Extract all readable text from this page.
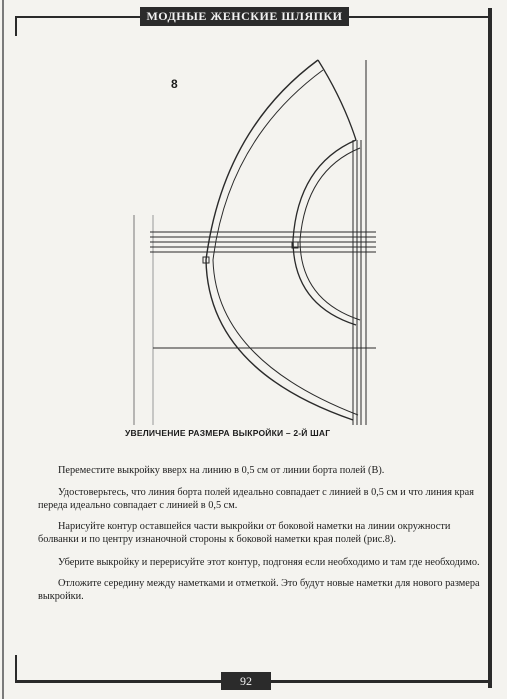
МОДНЫЕ ЖЕНСКИЕ ШЛЯПКИ
8
УВЕЛИЧЕНИЕ РАЗМЕРА ВЫКРОЙКИ – 2-Й ШАГ
Переместите выкройку вверх на линию в 0,5 см от линии борта полей (В).
Удостоверьтесь, что линия борта полей идеально совпадает с линией в 0,5 см и что линия края переда идеально совпадает с линией в 0,5 см.
Нарисуйте контур оставшейся части выкройки от боковой наметки на линии окружности болванки и по центру изнаночной стороны к боковой наметки края полей (рис.8).
Уберите выкройку и перерисуйте этот контур, подгоняя если необходимо и там где необходимо.
Отложите середину между наметками и отметкой. Это будут новые наметки для нового размера выкройки.
92
